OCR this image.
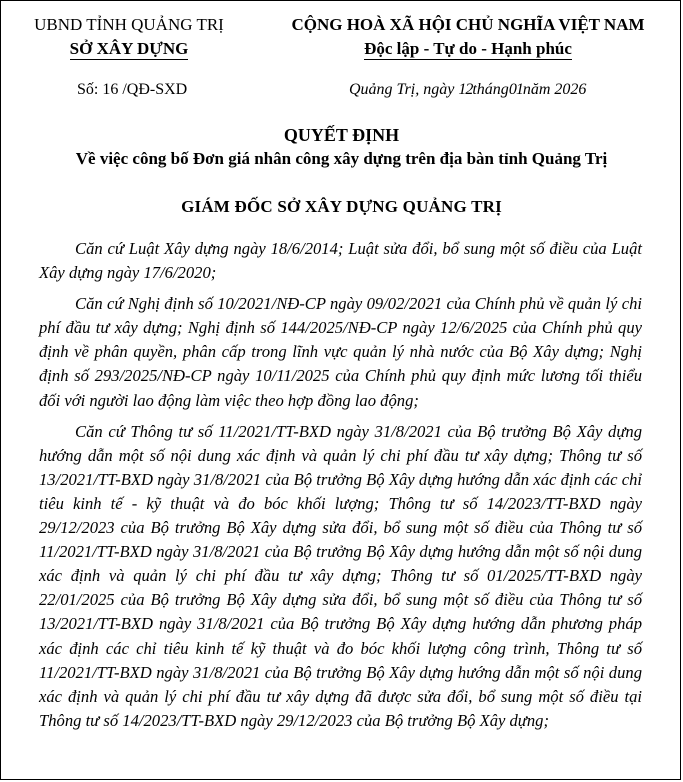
UBND TỈNH QUẢNG TRỊ
SỞ XÂY DỰNG
CỘNG HOÀ XÃ HỘI CHỦ NGHĨA VIỆT NAM
Độc lập - Tự do - Hạnh phúc
Số: 16 /QĐ-SXD	Quảng Trị, ngày 12tháng01năm 2026
QUYẾT ĐỊNH
Về việc công bố Đơn giá nhân công xây dựng trên địa bàn tỉnh Quảng Trị
GIÁM ĐỐC SỞ XÂY DỰNG QUẢNG TRỊ

Căn cứ Luật Xây dựng ngày 18/6/2014; Luật sửa đổi, bổ sung một số điều của Luật Xây dựng ngày 17/6/2020;

Căn cứ Nghị định số 10/2021/NĐ-CP ngày 09/02/2021 của Chính phủ về quản lý chi phí đầu tư xây dựng; Nghị định số 144/2025/NĐ-CP ngày 12/6/2025 của Chính phủ quy định về phân quyền, phân cấp trong lĩnh vực quản lý nhà nước của Bộ Xây dựng; Nghị định số 293/2025/NĐ-CP ngày 10/11/2025 của Chính phủ quy định mức lương tối thiểu đối với người lao động làm việc theo hợp đồng lao động;

Căn cứ Thông tư số 11/2021/TT-BXD ngày 31/8/2021 của Bộ trưởng Bộ Xây dựng hướng dẫn một số nội dung xác định và quản lý chi phí đầu tư xây dựng; Thông tư số 13/2021/TT-BXD ngày 31/8/2021 của Bộ trưởng Bộ Xây dựng hướng dẫn xác định các chỉ tiêu kinh tế - kỹ thuật và đo bóc khối lượng; Thông tư số 14/2023/TT-BXD ngày 29/12/2023 của Bộ trưởng Bộ Xây dựng sửa đổi, bổ sung một số điều của Thông tư số 11/2021/TT-BXD ngày 31/8/2021 của Bộ trưởng Bộ Xây dựng hướng dẫn một số nội dung xác định và quản lý chi phí đầu tư xây dựng; Thông tư số 01/2025/TT-BXD ngày 22/01/2025 của Bộ trưởng Bộ Xây dựng sửa đổi, bổ sung một số điều của Thông tư số 13/2021/TT-BXD ngày 31/8/2021 của Bộ trưởng Bộ Xây dựng hướng dẫn phương pháp xác định các chỉ tiêu kinh tế kỹ thuật và đo bóc khối lượng công trình, Thông tư số 11/2021/TT-BXD ngày 31/8/2021 của Bộ trưởng Bộ Xây dựng hướng dẫn một số nội dung xác định và quản lý chi phí đầu tư xây dựng đã được sửa đổi, bổ sung một số điều tại Thông tư số 14/2023/TT-BXD ngày 29/12/2023 của Bộ trưởng Bộ Xây dựng;
